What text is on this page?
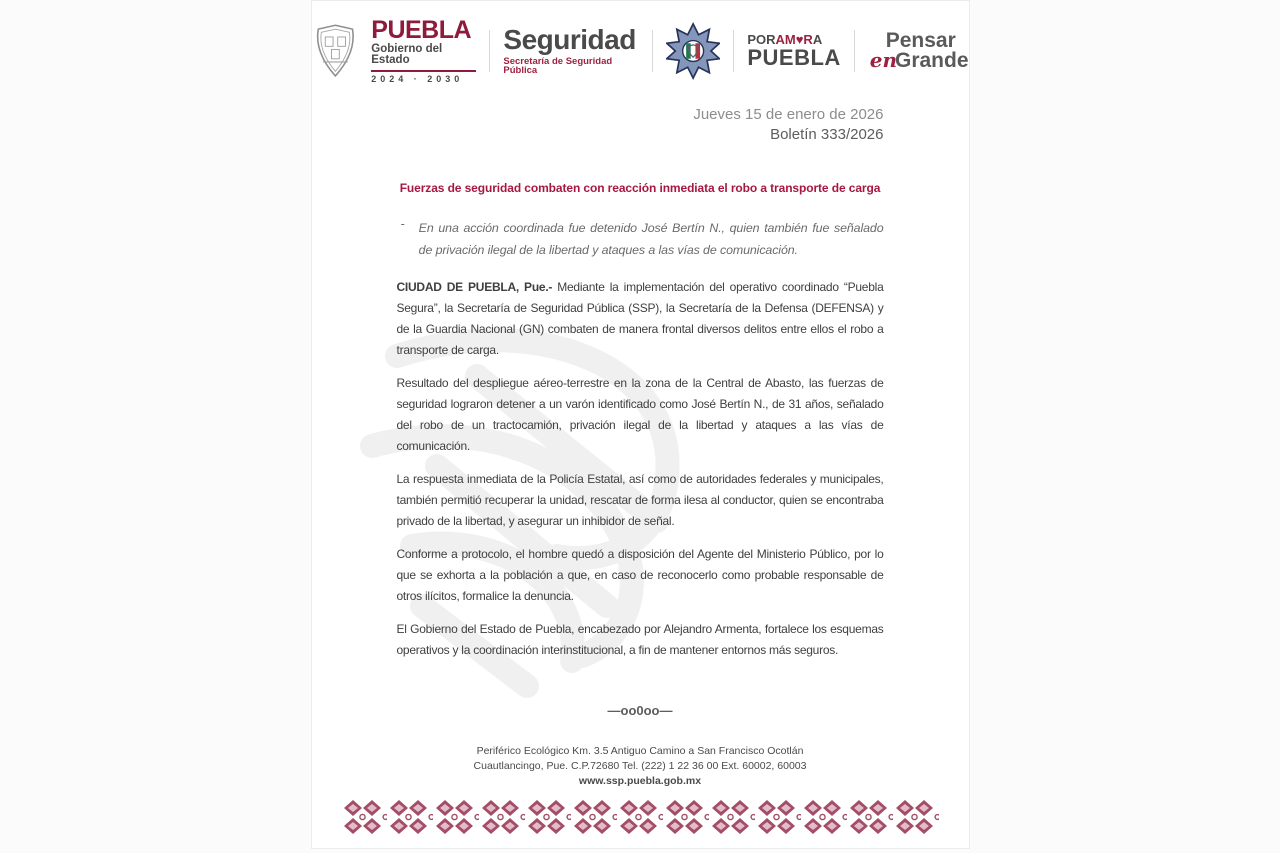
PUEBLA
Gobierno del Estado
2024 · 2030
Seguridad
Secretaría de Seguridad Pública
PORAM♥RA
PUEBLA
Pensar
en
Grande
Jueves 15 de enero de 2026
Boletín 333/2026
Fuerzas de seguridad combaten con reacción inmediata el robo a transporte de carga
- En una acción coordinada fue detenido José Bertín N., quien también fue señalado de privación ilegal de la libertad y ataques a las vías de comunicación.

CIUDAD DE PUEBLA, Pue.- Mediante la implementación del operativo coordinado “Puebla Segura”, la Secretaría de Seguridad Pública (SSP), la Secretaría de la Defensa (DEFENSA) y de la Guardia Nacional (GN) combaten de manera frontal diversos delitos entre ellos el robo a transporte de carga.

Resultado del despliegue aéreo-terrestre en la zona de la Central de Abasto, las fuerzas de seguridad lograron detener a un varón identificado como José Bertín N., de 31 años, señalado del robo de un tractocamión, privación ilegal de la libertad y ataques a las vías de comunicación.

La respuesta inmediata de la Policía Estatal, así como de autoridades federales y municipales, también permitió recuperar la unidad, rescatar de forma ilesa al conductor, quien se encontraba privado de la libertad, y asegurar un inhibidor de señal.

Conforme a protocolo, el hombre quedó a disposición del Agente del Ministerio Público, por lo que se exhorta a la población a que, en caso de reconocerlo como probable responsable de otros ilícitos, formalice la denuncia.

El Gobierno del Estado de Puebla, encabezado por Alejandro Armenta, fortalece los esquemas operativos y la coordinación interinstitucional, a fin de mantener entornos más seguros.

—oo0oo—
Periférico Ecológico Km. 3.5 Antiguo Camino a San Francisco Ocotlán
Cuautlancingo, Pue. C.P.72680 Tel. (222) 1 22 36 00 Ext. 60002, 60003
www.ssp.puebla.gob.mx
